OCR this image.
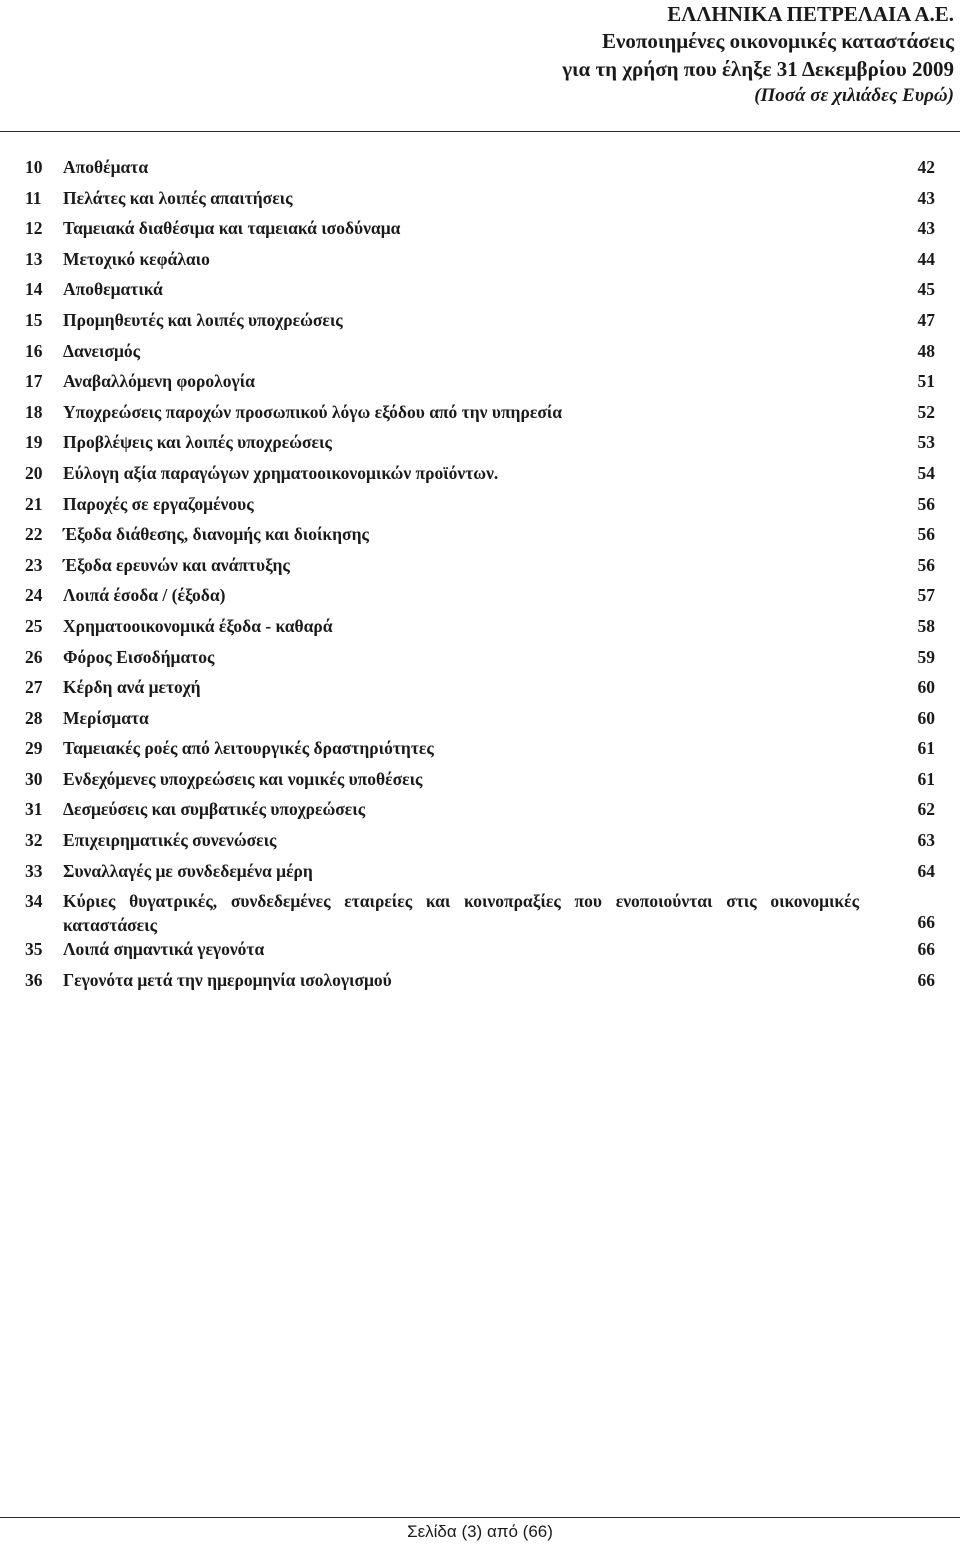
ΕΛΛΗΝΙΚΑ ΠΕΤΡΕΛΑΙΑ Α.Ε.
Ενοποιημένες οικονομικές καταστάσεις
για τη χρήση που έληξε 31 Δεκεμβρίου 2009
(Ποσά σε χιλιάδες Ευρώ)
10	Αποθέματα	42
11	Πελάτες και λοιπές απαιτήσεις	43
12	Ταμειακά διαθέσιμα και ταμειακά ισοδύναμα	43
13	Μετοχικό κεφάλαιο	44
14	Αποθεματικά	45
15	Προμηθευτές και λοιπές υποχρεώσεις	47
16	Δανεισμός	48
17	Αναβαλλόμενη φορολογία	51
18	Υποχρεώσεις παροχών προσωπικού λόγω εξόδου από την υπηρεσία	52
19	Προβλέψεις και λοιπές υποχρεώσεις	53
20	Εύλογη αξία παραγώγων χρηματοοικονομικών προϊόντων.	54
21	Παροχές σε εργαζομένους	56
22	Έξοδα διάθεσης, διανομής και διοίκησης	56
23	Έξοδα ερευνών και ανάπτυξης	56
24	Λοιπά έσοδα / (έξοδα)	57
25	Χρηματοοικονομικά έξοδα - καθαρά	58
26	Φόρος Εισοδήματος	59
27	Κέρδη ανά μετοχή	60
28	Μερίσματα	60
29	Ταμειακές ροές από λειτουργικές δραστηριότητες	61
30	Ενδεχόμενες υποχρεώσεις και νομικές υποθέσεις	61
31	Δεσμεύσεις και συμβατικές υποχρεώσεις	62
32	Επιχειρηματικές συνενώσεις	63
33	Συναλλαγές με συνδεδεμένα μέρη	64
34	Κύριες θυγατρικές, συνδεδεμένες εταιρείες και κοινοπραξίες που ενοποιούνται στις οικονομικές καταστάσεις	66
35	Λοιπά σημαντικά γεγονότα	66
36	Γεγονότα μετά την ημερομηνία ισολογισμού	66
Σελίδα (3) από (66)
